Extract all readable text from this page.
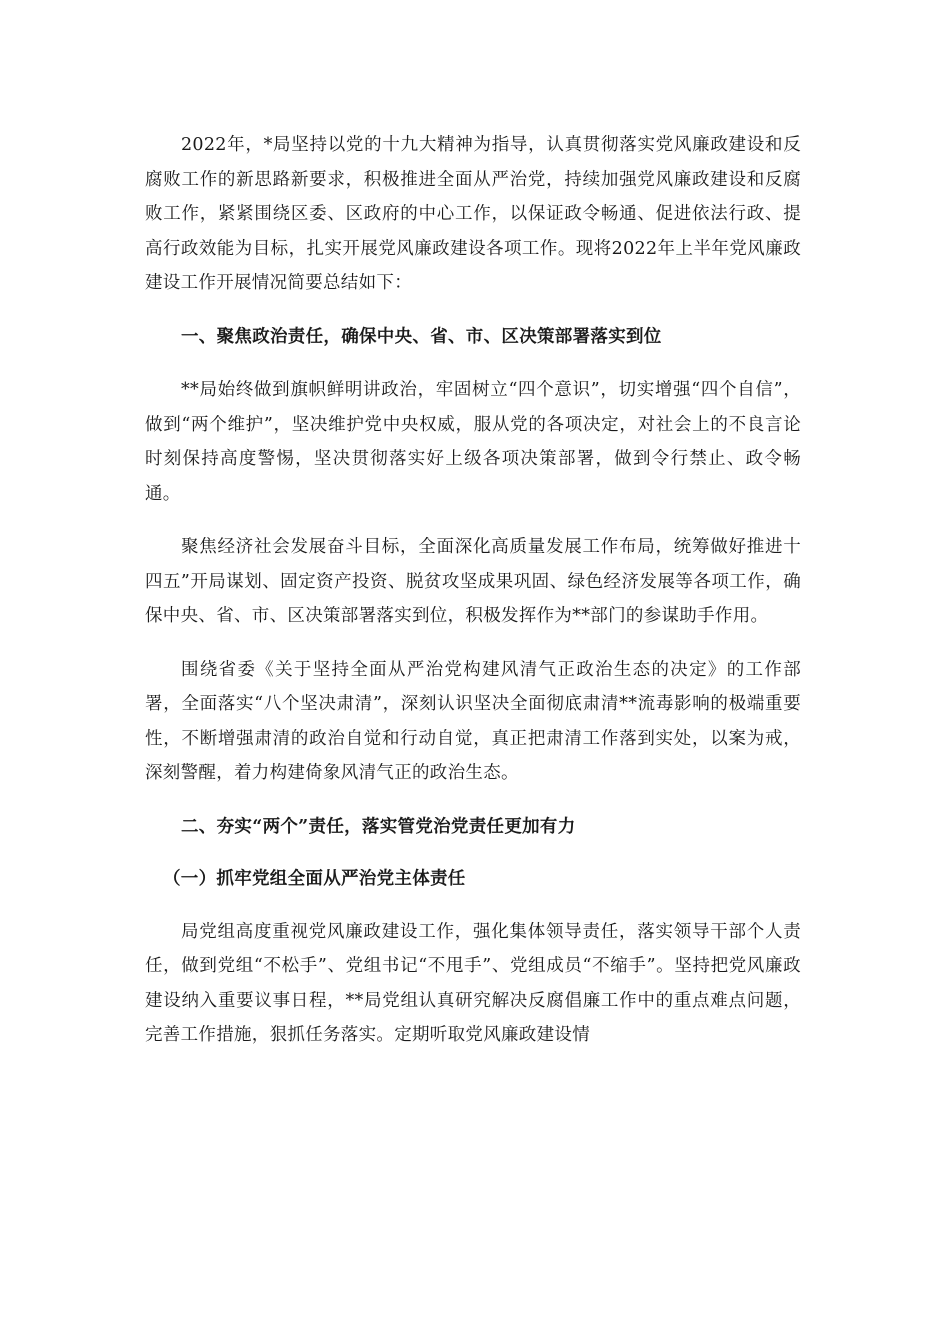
2022年，*局坚持以党的十九大精神为指导，认真贯彻落实党风廉政建设和反腐败工作的新思路新要求，积极推进全面从严治党，持续加强党风廉政建设和反腐败工作，紧紧围绕区委、区政府的中心工作，以保证政令畅通、促进依法行政、提高行政效能为目标，扎实开展党风廉政建设各项工作。现将2022年上半年党风廉政建设工作开展情况简要总结如下：

一、聚焦政治责任，确保中央、省、市、区决策部署落实到位

**局始终做到旗帜鲜明讲政治，牢固树立“四个意识”，切实增强“四个自信”，做到“两个维护”，坚决维护党中央权威，服从党的各项决定，对社会上的不良言论时刻保持高度警惕，坚决贯彻落实好上级各项决策部署，做到令行禁止、政令畅通。

聚焦经济社会发展奋斗目标，全面深化高质量发展工作布局，统筹做好推进十四五”开局谋划、固定资产投资、脱贫攻坚成果巩固、绿色经济发展等各项工作，确保中央、省、市、区决策部署落实到位，积极发挥作为**部门的参谋助手作用。

围绕省委《关于坚持全面从严治党构建风清气正政治生态的决定》的工作部署，全面落实“八个坚决肃清”，深刻认识坚决全面彻底肃清**流毒影响的极端重要性，不断增强肃清的政治自觉和行动自觉，真正把肃清工作落到实处，以案为戒，深刻警醒，着力构建倚象风清气正的政治生态。

二、夯实“两个”责任，落实管党治党责任更加有力

（一）抓牢党组全面从严治党主体责任

局党组高度重视党风廉政建设工作，强化集体领导责任，落实领导干部个人责任，做到党组“不松手”、党组书记“不甩手”、党组成员“不缩手”。坚持把党风廉政建设纳入重要议事日程，**局党组认真研究解决反腐倡廉工作中的重点难点问题，完善工作措施，狠抓任务落实。定期听取党风廉政建设情
